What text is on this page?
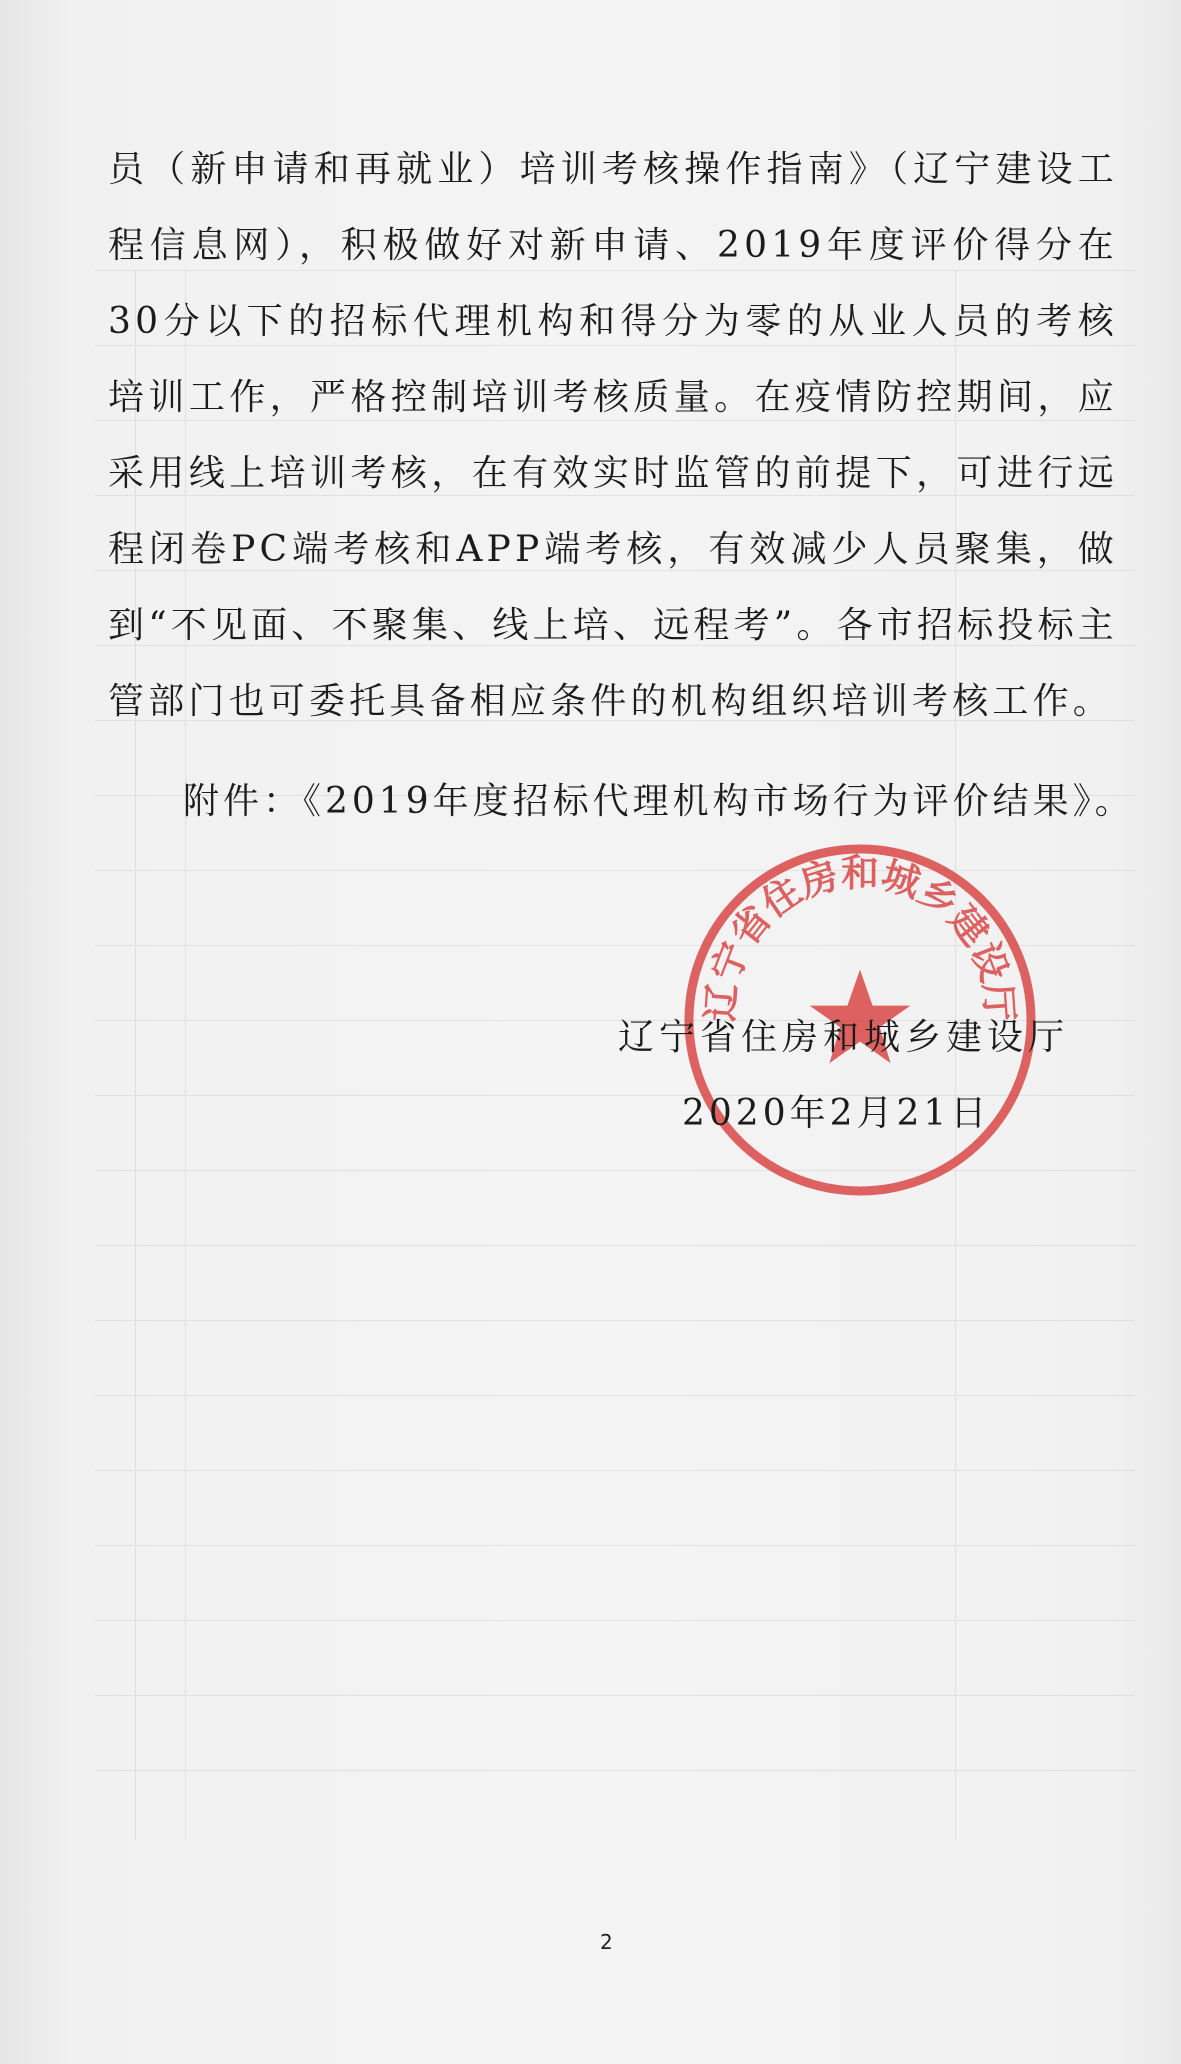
员（新申请和再就业）培训考核操作指南》（辽宁建设工程信息网），积极做好对新申请、2019年度评价得分在30分以下的招标代理机构和得分为零的从业人员的考核培训工作，严格控制培训考核质量。在疫情防控期间，应采用线上培训考核，在有效实时监管的前提下，可进行远程闭卷PC端考核和APP端考核，有效减少人员聚集，做到“不见面、不聚集、线上培、远程考”。各市招标投标主管部门也可委托具备相应条件的机构组织培训考核工作。

附件：《2019年度招标代理机构市场行为评价结果》。

辽宁省住房和城乡建设厅
辽宁省住房和城乡建设厅
2020年2月21日
2
